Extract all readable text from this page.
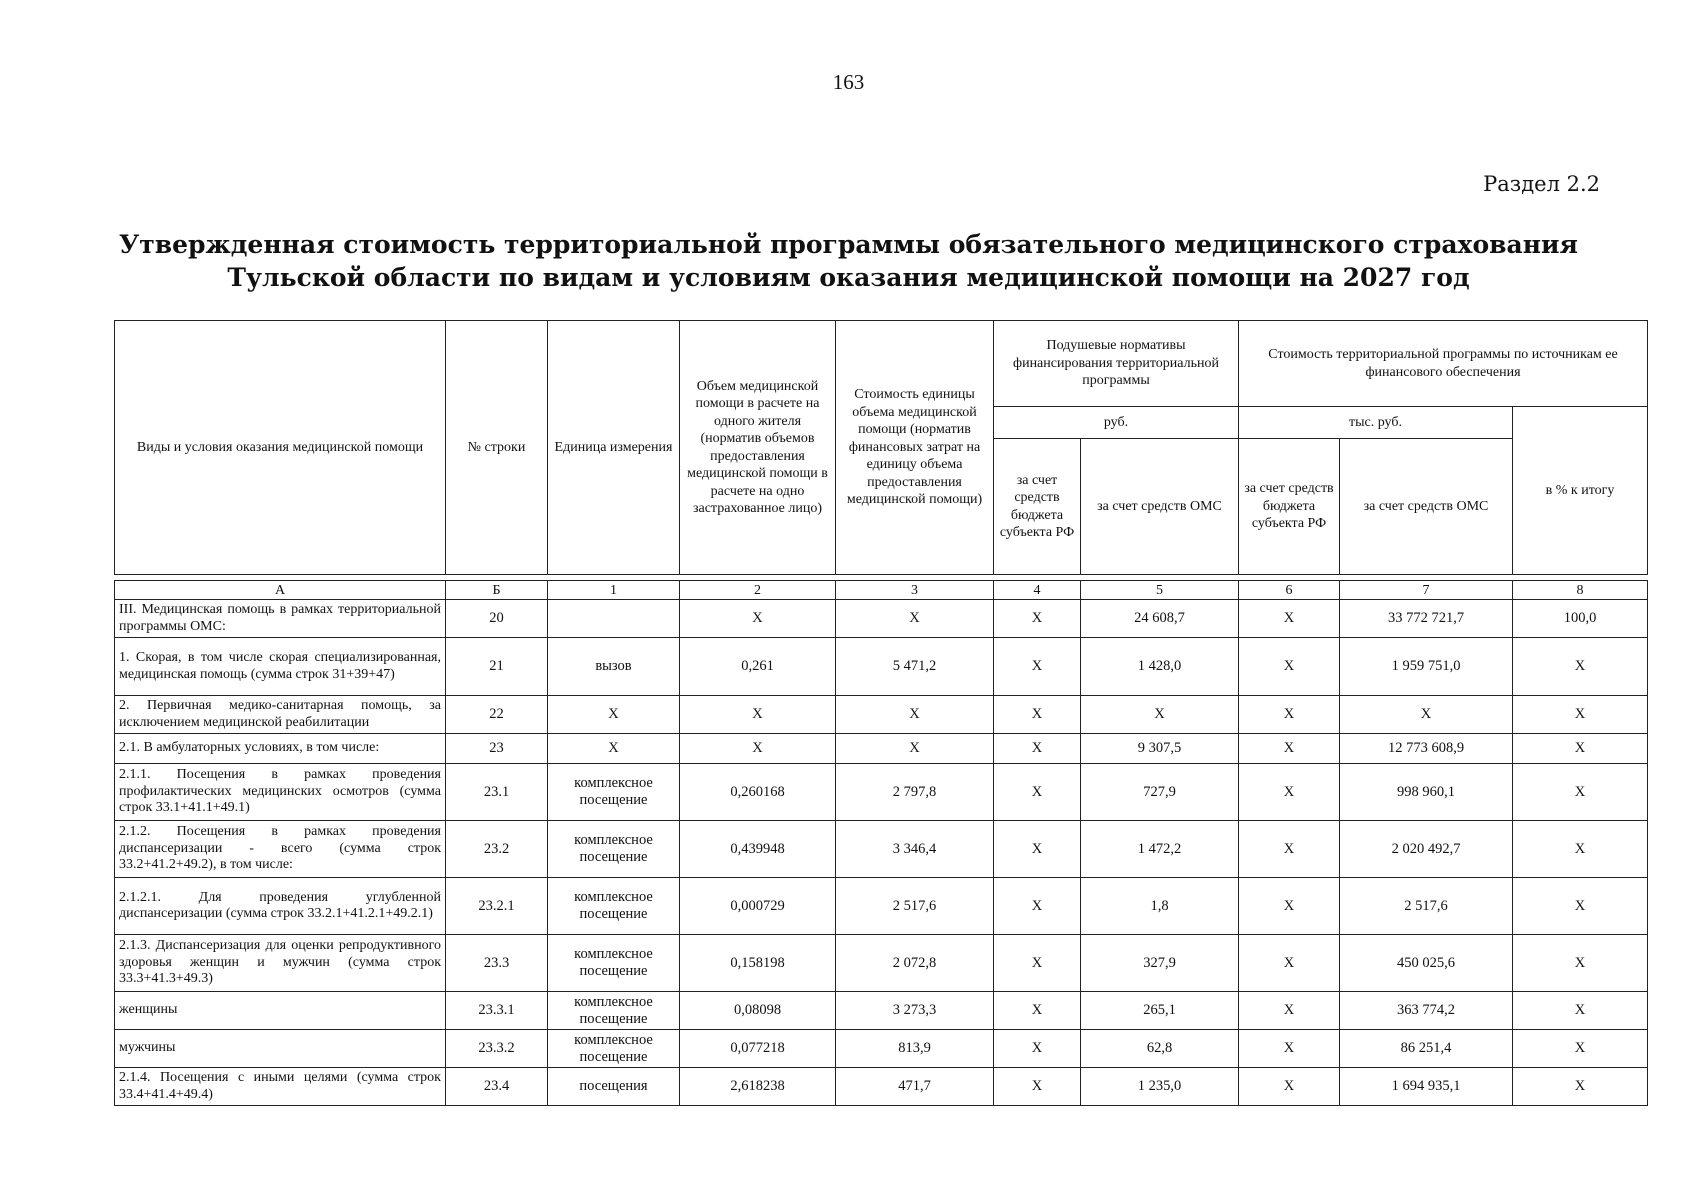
163
Раздел 2.2
Утвержденная стоимость территориальной программы обязательного медицинского страхования
Тульской области по видам и условиям оказания медицинской помощи на 2027 год
Виды и условия оказания медицинской помощи	№ строки	Единица измерения	Объем медицинской помощи в расчете на одного жителя (норматив объемов предоставления медицинской помощи в расчете на одно застрахованное лицо)	Стоимость единицы объема медицинской помощи (норматив финансовых затрат на единицу объема предоставления медицинской помощи)	Подушевые нормативы финансирования территориальной программы		Стоимость территориальной программы по источникам ее финансового обеспечения		
					руб.		тыс. руб.		в % к итогу
					за счет средств бюджета субъекта РФ	за счет средств ОМС	за счет средств бюджета субъекта РФ	за счет средств ОМС	
А	Б	1	2	3	4	5	6	7	8
III. Медицинская помощь в рамках территориальной программы ОМС:	20		X	X	X	24 608,7	X	33 772 721,7	100,0
1. Скорая, в том числе скорая специализированная, медицинская помощь (сумма строк 31+39+47)	21	вызов	0,261	5 471,2	X	1 428,0	X	1 959 751,0	X
2. Первичная медико-санитарная помощь, за исключением медицинской реабилитации	22	X	X	X	X	X	X	X	X
2.1. В амбулаторных условиях, в том числе:	23	X	X	X	X	9 307,5	X	12 773 608,9	X
2.1.1. Посещения в рамках проведения профилактических медицинских осмотров (сумма строк 33.1+41.1+49.1)	23.1	комплексное посещение	0,260168	2 797,8	X	727,9	X	998 960,1	X
2.1.2. Посещения в рамках проведения диспансеризации - всего (сумма строк 33.2+41.2+49.2), в том числе:	23.2	комплексное посещение	0,439948	3 346,4	X	1 472,2	X	2 020 492,7	X
2.1.2.1. Для проведения углубленной диспансеризации (сумма строк 33.2.1+41.2.1+49.2.1)	23.2.1	комплексное посещение	0,000729	2 517,6	X	1,8	X	2 517,6	X
2.1.3. Диспансеризация для оценки репродуктивного здоровья женщин и мужчин (сумма строк 33.3+41.3+49.3)	23.3	комплексное посещение	0,158198	2 072,8	X	327,9	X	450 025,6	X
женщины	23.3.1	комплексное посещение	0,08098	3 273,3	X	265,1	X	363 774,2	X
мужчины	23.3.2	комплексное посещение	0,077218	813,9	X	62,8	X	86 251,4	X
2.1.4. Посещения с иными целями (сумма строк 33.4+41.4+49.4)	23.4	посещения	2,618238	471,7	X	1 235,0	X	1 694 935,1	X
